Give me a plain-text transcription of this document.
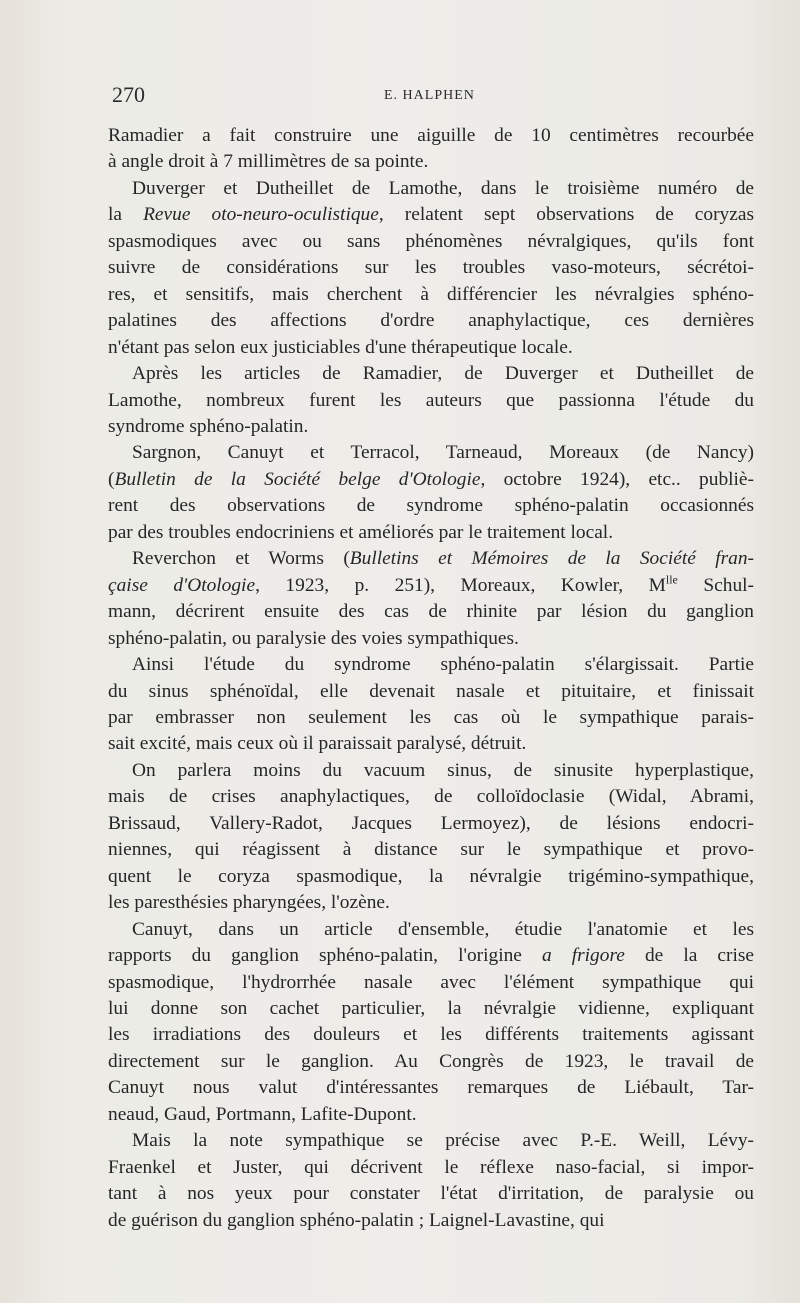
270	E. HALPHEN
Ramadier a fait construire une aiguille de 10 centimètres recourbée
à angle droit à 7 millimètres de sa pointe.
Duverger et Dutheillet de Lamothe, dans le troisième numéro de
la Revue oto-neuro-oculistique, relatent sept observations de coryzas
spasmodiques avec ou sans phénomènes névralgiques, qu'ils font
suivre de considérations sur les troubles vaso-moteurs, sécrétoi-
res, et sensitifs, mais cherchent à différencier les névralgies sphéno-
palatines des affections d'ordre anaphylactique, ces dernières
n'étant pas selon eux justiciables d'une thérapeutique locale.
Après les articles de Ramadier, de Duverger et Dutheillet de
Lamothe, nombreux furent les auteurs que passionna l'étude du
syndrome sphéno-palatin.
Sargnon, Canuyt et Terracol, Tarneaud, Moreaux (de Nancy)
(Bulletin de la Société belge d'Otologie, octobre 1924), etc.. publiè-
rent des observations de syndrome sphéno-palatin occasionnés
par des troubles endocriniens et améliorés par le traitement local.
Reverchon et Worms (Bulletins et Mémoires de la Société fran-
çaise d'Otologie, 1923, p. 251), Moreaux, Kowler, $M^{lle}$ Schul-
mann, décrirent ensuite des cas de rhinite par lésion du ganglion
sphéno-palatin, ou paralysie des voies sympathiques.
Ainsi l'étude du syndrome sphéno-palatin s'élargissait. Partie
du sinus sphénoïdal, elle devenait nasale et pituitaire, et finissait
par embrasser non seulement les cas où le sympathique parais-
sait excité, mais ceux où il paraissait paralysé, détruit.
On parlera moins du vacuum sinus, de sinusite hyperplastique,
mais de crises anaphylactiques, de colloïdoclasie (Widal, Abrami,
Brissaud, Vallery-Radot, Jacques Lermoyez), de lésions endocri-
niennes, qui réagissent à distance sur le sympathique et provo-
quent le coryza spasmodique, la névralgie trigémino-sympathique,
les paresthésies pharyngées, l'ozène.
Canuyt, dans un article d'ensemble, étudie l'anatomie et les
rapports du ganglion sphéno-palatin, l'origine a frigore de la crise
spasmodique, l'hydrorrhée nasale avec l'élément sympathique qui
lui donne son cachet particulier, la névralgie vidienne, expliquant
les irradiations des douleurs et les différents traitements agissant
directement sur le ganglion. Au Congrès de 1923, le travail de
Canuyt nous valut d'intéressantes remarques de Liébault, Tar-
neaud, Gaud, Portmann, Lafite-Dupont.
Mais la note sympathique se précise avec P.-E. Weill, Lévy-
Fraenkel et Juster, qui décrivent le réflexe naso-facial, si impor-
tant à nos yeux pour constater l'état d'irritation, de paralysie ou
de guérison du ganglion sphéno-palatin ; Laignel-Lavastine, qui
